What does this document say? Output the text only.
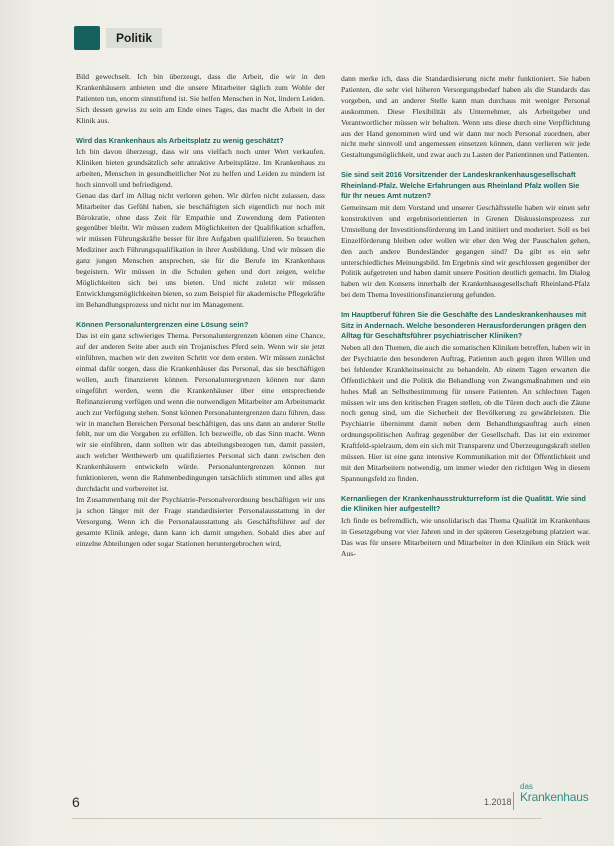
Politik

Bild gewechselt. Ich bin überzeugt, dass die Arbeit, die wir in den Krankenhäusern anbieten und die unsere Mitarbeiter täglich zum Wohle der Patienten tun, enorm sinnstiftend ist. Sie helfen Menschen in Not, lindern Leiden. Sich dessen gewiss zu sein am Ende eines Tages, das macht die Arbeit in der Klinik aus.

Wird das Krankenhaus als Arbeitsplatz zu wenig geschätzt?

Ich bin davon überzeugt, dass wir uns vielfach noch unter Wert verkaufen. Kliniken bieten grundsätzlich sehr attraktive Arbeitsplätze. Im Krankenhaus zu arbeiten, Menschen in gesundheitlicher Not zu helfen und Leiden zu mindern ist hoch sinnvoll und befriedigend.

Genau das darf im Alltag nicht verloren gehen. Wir dürfen nicht zulassen, dass Mitarbeiter das Gefühl haben, sie beschäftigten sich eigentlich nur noch mit Bürokratie, ohne dass Zeit für Empathie und Zuwendung dem Patienten gegenüber bleibt. Wir müssen zudem Möglichkeiten der Qualifikation schaffen, wir müssen Führungskräfte besser für ihre Aufgaben qualifizieren. So brauchen Mediziner auch Führungsqualifikation in ihrer Ausbildung. Und wir müssen die ganz jungen Menschen ansprechen, sie für die Berufe im Krankenhaus begeistern. Wir müssen in die Schulen gehen und dort zeigen, welche Möglichkeiten sich bei uns bieten. Und nicht zuletzt wir müssen Entwicklungsmöglichkeiten bieten, so zum Beispiel für akademische Pflegekräfte im Behandlungsprozess und nicht nur im Management.

Können Personaluntergrenzen eine Lösung sein?

Das ist ein ganz schwieriges Thema. Personaluntergrenzen können eine Chance, auf der anderen Seite aber auch ein Trojanisches Pferd sein. Wenn wir sie jetzt einführen, machen wir den zweiten Schritt vor dem ersten. Wir müssen zunächst einmal dafür sorgen, dass die Krankenhäuser das Personal, das sie beschäftigen wollen, auch finanzieren können. Personaluntergrenzen können nur dann eingeführt werden, wenn die Krankenhäuser über eine entsprechende Refinanzierung verfügen und wenn die notwendigen Mitarbeiter am Arbeitsmarkt auch zur Verfügung stehen. Sonst können Personaluntergrenzen dazu führen, dass wir in manchen Bereichen Personal beschäftigen, das uns dann an anderer Stelle fehlt, nur um die Vorgaben zu erfüllen. Ich bezweifle, ob das Sinn macht. Wenn wir sie einführen, dann sollten wir das abteilungsbezogen tun, damit passiert, auch welcher Wettbewerb um qualifiziertes Personal sich dann zwischen den Krankenhäusern entwickeln würde. Personaluntergrenzen können nur funktionieren, wenn die Rahmenbedingungen tatsächlich stimmen und alles gut durchdacht und vorbereitet ist.

Im Zusammenhang mit der Psychiatrie-Personalverordnung beschäftigen wir uns ja schon länger mit der Frage standardisierter Personalausstattung in der Versorgung. Wenn ich die Personalausstattung als Geschäftsführer auf der gesamte Klinik anlege, dann kann ich damit umgehen. Sobald dies aber auf einzelne Abteilungen oder sogar Stationen heruntergebrochen wird,

dann merke ich, dass die Standardisierung nicht mehr funktioniert. Sie haben Patienten, die sehr viel höheren Versorgungsbedarf haben als die Standards das vorgeben, und an anderer Stelle kann man durchaus mit weniger Personal auskommen. Diese Flexibilität als Unternehmer, als Arbeitgeber und Verantwortlicher müssen wir behalten. Wenn uns diese durch eine Verpflichtung aus der Hand genommen wird und wir dann nur noch Personal zuordnen, aber nicht mehr sinnvoll und angemessen einsetzen können, dann verlieren wir jede Gestaltungsmöglichkeit, und zwar auch zu Lasten der Patientinnen und Patienten.

Sie sind seit 2016 Vorsitzender der Landeskrankenhausgesellschaft Rheinland-Pfalz. Welche Erfahrungen aus Rheinland Pfalz wollen Sie für Ihr neues Amt nutzen?

Gemeinsam mit dem Vorstand und unserer Geschäftsstelle haben wir einen sehr konstruktiven und ergebnisorientierten in Grenen Diskussionsprozess zur Umstellung der Investitionsförderung im Land initiiert und moderiert. Soll es bei Einzelförderung bleiben oder wollen wir eher den Weg der Pauschalen gehen, den auch andere Bundesländer gegangen sind? Da gibt es ein sehr unterschiedliches Meinungsbild. Im Ergebnis sind wir geschlossen gegenüber der Politik aufgetreten und haben damit unsere Position deutlich gemacht. Im Dialog haben wir den Konsens innerhalb der Krankenhausgesellschaft Rheinland-Pfalz bei dem Thema Investitionsfinanzierung gefunden.

Im Hauptberuf führen Sie die Geschäfte des Landeskrankenhauses mit Sitz in Andernach. Welche besonderen Herausforderungen prägen den Alltag für Geschäftsführer psychiatrischer Kliniken?

Neben all den Themen, die auch die somatischen Kliniken betreffen, haben wir in der Psychiatrie den besonderen Auftrag, Patienten auch gegen ihren Willen und bei fehlender Krankheitseinsicht zu behandeln. Ab einem Tagen erwarten die Öffentlichkeit und die Politik die Behandlung von Zwangsmaßnahmen und ein hohes Maß an Selbstbestimmung für unsere Patienten. An schlechten Tagen müssen wir uns den kritischen Fragen stellen, ob die Türen doch auch die Zäune noch genug sind, um die Sicherheit der Bevölkerung zu gewährleisten. Die Psychiatrie übernimmt damit neben dem Behandlungsauftrag auch einen ordnungspolitischen Auftrag gegenüber der Gesellschaft. Das ist ein extremer Kraftfeld-spielraum, dem ein sich mit Transparenz und Überzeugungskraft stellen müssen. Hier ist eine ganz intensive Kommunikation mit der Öffentlichkeit und mit den Mitarbeitern notwendig, um immer wieder den richtigen Weg in diesem Spannungsfeld zu finden.

Kernanliegen der Krankenhausstrukturreform ist die Qualität. Wie sind die Kliniken hier aufgestellt?

Ich finde es befremdlich, wie unsolidarisch das Thema Qualität im Krankenhaus in Gesetzgebung vor vier Jahren und in der späteren Gesetzgebung platziert war. Das was für unsere Mitarbeitern und Mitarbeiter in den Kliniken ein Stück weit Aus-

6	1.2018
das
Krankenhaus
